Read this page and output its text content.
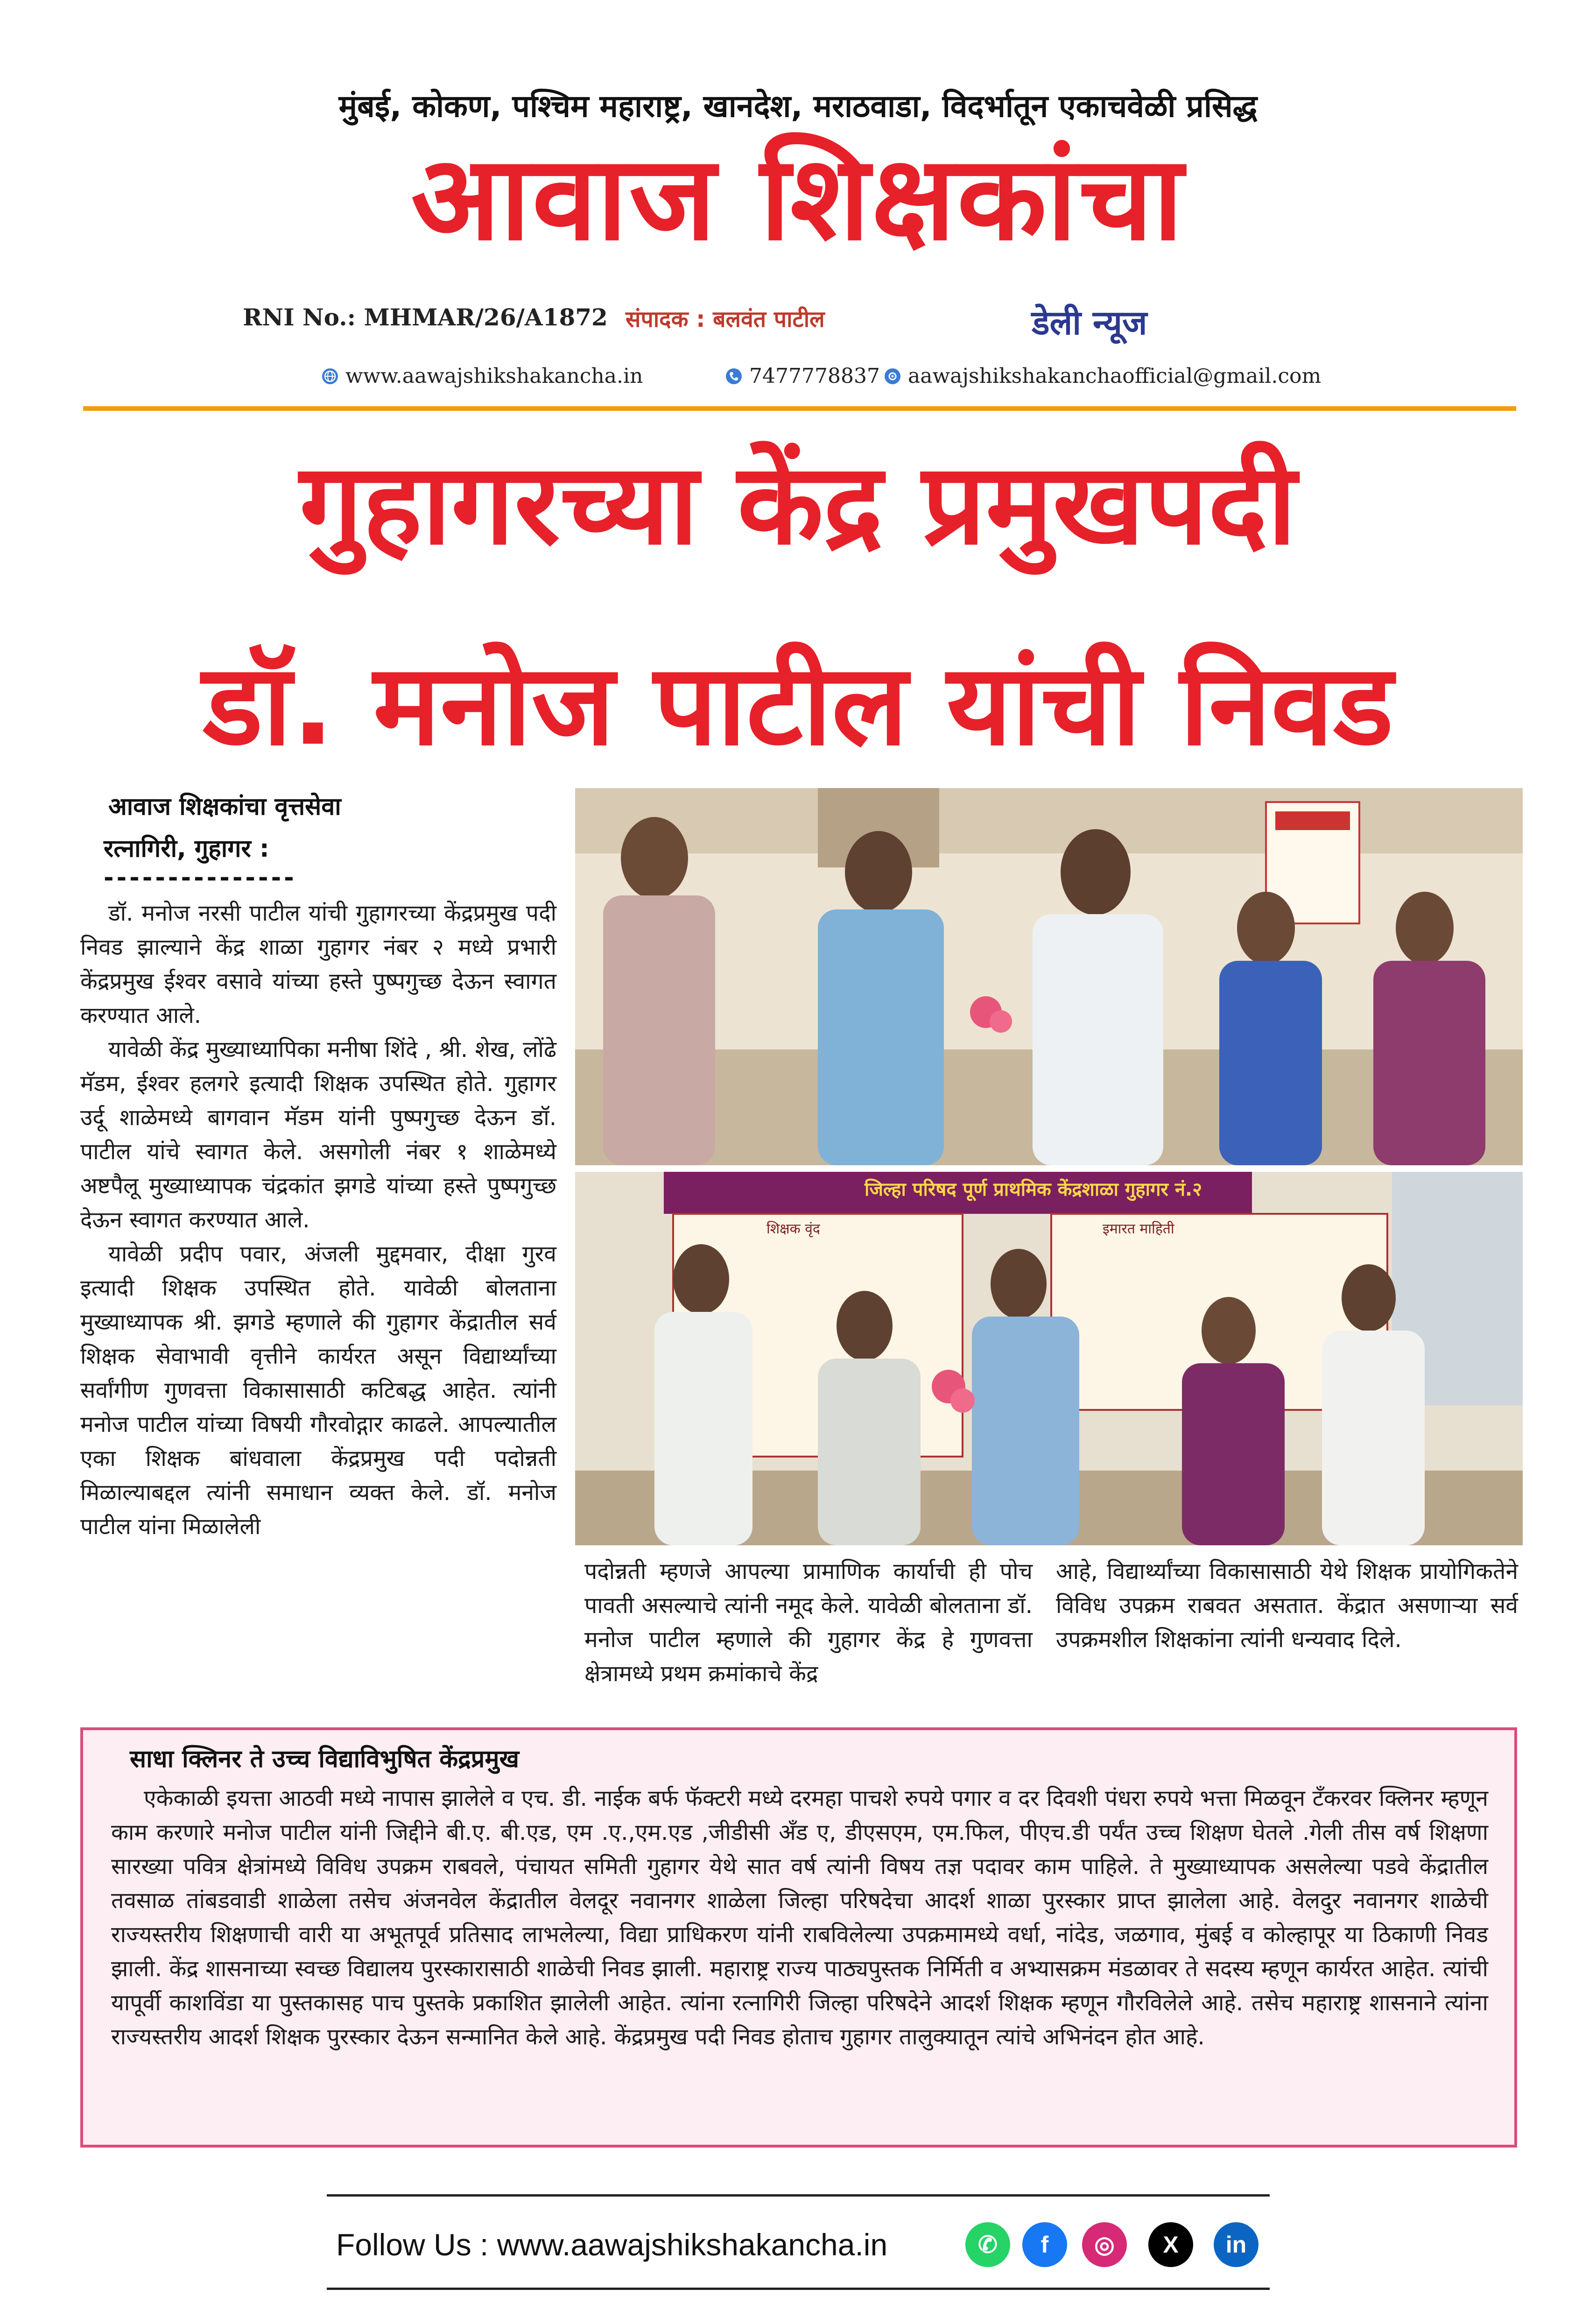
मुंबई, कोकण, पश्चिम महाराष्ट्र, खानदेश, मराठवाडा, विदर्भातून एकाचवेळी प्रसिद्ध
आवाज शिक्षकांचा
RNI No.: MHMAR/26/A1872 संपादक : बलवंत पाटील	डेली न्यूज
www.aawajshikshakancha.in	7477778837 aawajshikshakanchaofficial@gmail.com
गुहागरच्या केंद्र प्रमुखपदी
डॉ. मनोज पाटील यांची निवड
आवाज शिक्षकांचा वृत्तसेवा
रत्नागिरी, गुहागर :
---------------

डॉ. मनोज नरसी पाटील यांची गुहागरच्या केंद्रप्रमुख पदी निवड झाल्याने केंद्र शाळा गुहागर नंबर २ मध्ये प्रभारी केंद्रप्रमुख ईश्वर वसावे यांच्या हस्ते पुष्पगुच्छ देऊन स्वागत करण्यात आले.

यावेळी केंद्र मुख्याध्यापिका मनीषा शिंदे , श्री. शेख, लोंढे मॅडम, ईश्वर हलगरे इत्यादी शिक्षक उपस्थित होते. गुहागर उर्दू शाळेमध्ये बागवान मॅडम यांनी पुष्पगुच्छ देऊन डॉ. पाटील यांचे स्वागत केले. असगोली नंबर १ शाळेमध्ये अष्टपैलू मुख्याध्यापक चंद्रकांत झगडे यांच्या हस्ते पुष्पगुच्छ देऊन स्वागत करण्यात आले.

यावेळी प्रदीप पवार, अंजली मुद्दमवार, दीक्षा गुरव इत्यादी शिक्षक उपस्थित होते. यावेळी बोलताना मुख्याध्यापक श्री. झगडे म्हणाले की गुहागर केंद्रातील सर्व शिक्षक सेवाभावी वृत्तीने कार्यरत असून विद्यार्थ्यांच्या सर्वांगीण गुणवत्ता विकासासाठी कटिबद्ध आहेत. त्यांनी मनोज पाटील यांच्या विषयी गौरवोद्गार काढले. आपल्यातील एका शिक्षक बांधवाला केंद्रप्रमुख पदी पदोन्नती मिळाल्याबद्दल त्यांनी समाधान व्यक्त केले. डॉ. मनोज पाटील यांना मिळालेली

जिल्हा परिषद पूर्ण प्राथमिक केंद्रशाळा गुहागर नं.२
शिक्षक वृंद	इमारत माहिती
पदोन्नती म्हणजे आपल्या प्रामाणिक कार्याची ही पोच पावती असल्याचे त्यांनी नमूद केले. यावेळी बोलताना डॉ. मनोज पाटील म्हणाले की गुहागर केंद्र हे गुणवत्ता क्षेत्रामध्ये प्रथम क्रमांकाचे केंद्र
आहे, विद्यार्थ्यांच्या विकासासाठी येथे शिक्षक प्रायोगिकतेने विविध उपक्रम राबवत असतात. केंद्रात असणाऱ्या सर्व उपक्रमशील शिक्षकांना त्यांनी धन्यवाद दिले.
साधा क्लिनर ते उच्च विद्याविभुषित केंद्रप्रमुख

एकेकाळी इयत्ता आठवी मध्ये नापास झालेले व एच. डी. नाईक बर्फ फॅक्टरी मध्ये दरमहा पाचशे रुपये पगार व दर दिवशी पंधरा रुपये भत्ता मिळवून टँकरवर क्लिनर म्हणून काम करणारे मनोज पाटील यांनी जिद्दीने बी.ए. बी.एड, एम .ए.,एम.एड ,जीडीसी अँड ए, डीएसएम, एम.फिल, पीएच.डी पर्यंत उच्च शिक्षण घेतले .गेली तीस वर्ष शिक्षणा सारख्या पवित्र क्षेत्रांमध्ये विविध उपक्रम राबवले, पंचायत समिती गुहागर येथे सात वर्ष त्यांनी विषय तज्ञ पदावर काम पाहिले. ते मुख्याध्यापक असलेल्या पडवे केंद्रातील तवसाळ तांबडवाडी शाळेला तसेच अंजनवेल केंद्रातील वेलदूर नवानगर शाळेला जिल्हा परिषदेचा आदर्श शाळा पुरस्कार प्राप्त झालेला आहे. वेलदुर नवानगर शाळेची राज्यस्तरीय शिक्षणाची वारी या अभूतपूर्व प्रतिसाद लाभलेल्या, विद्या प्राधिकरण यांनी राबविलेल्या उपक्रमामध्ये वर्धा, नांदेड, जळगाव, मुंबई व कोल्हापूर या ठिकाणी निवड झाली. केंद्र शासनाच्या स्वच्छ विद्यालय पुरस्कारासाठी शाळेची निवड झाली. महाराष्ट्र राज्य पाठ्यपुस्तक निर्मिती व अभ्यासक्रम मंडळावर ते सदस्य म्हणून कार्यरत आहेत. त्यांची यापूर्वी काशविंडा या पुस्तकासह पाच पुस्तके प्रकाशित झालेली आहेत. त्यांना रत्नागिरी जिल्हा परिषदेने आदर्श शिक्षक म्हणून गौरविलेले आहे. तसेच महाराष्ट्र शासनाने त्यांना राज्यस्तरीय आदर्श शिक्षक पुरस्कार देऊन सन्मानित केले आहे. केंद्रप्रमुख पदी निवड होताच गुहागर तालुक्यातून त्यांचे अभिनंदन होत आहे.

Follow Us : www.aawajshikshakancha.in	✆	f	◎	X	in
